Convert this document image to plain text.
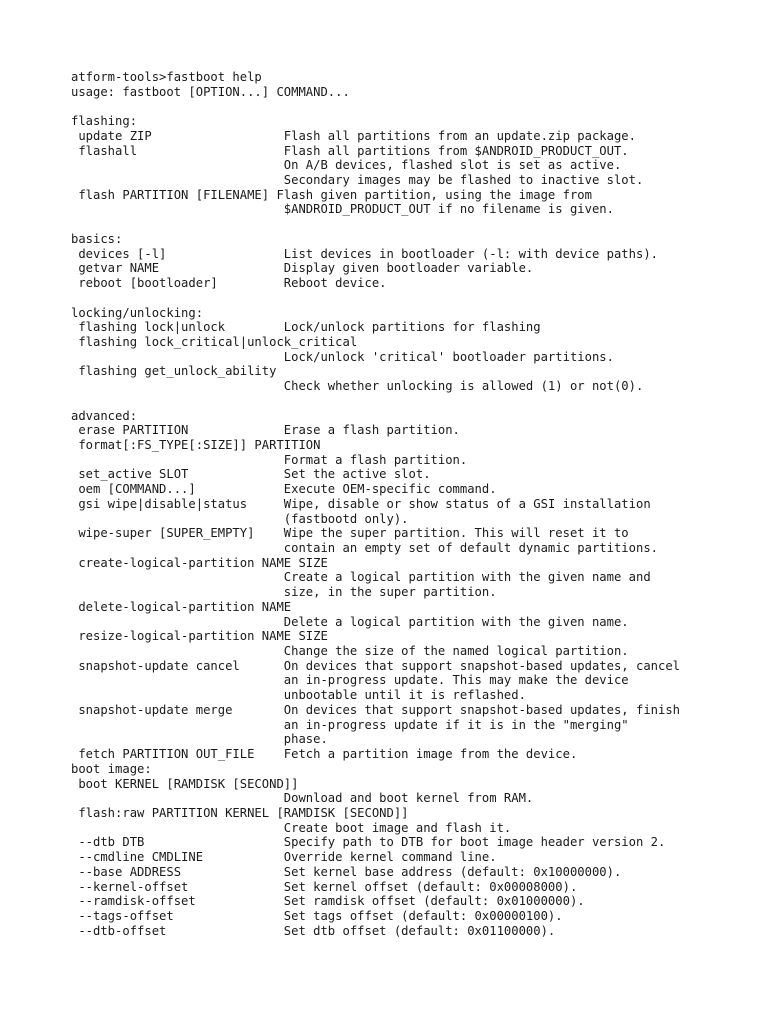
atform-tools>fastboot help
usage: fastboot [OPTION...] COMMAND...
flashing:
update ZIP                  Flash all partitions from an update.zip package.
flashall                    Flash all partitions from $ANDROID_PRODUCT_OUT.
On A/B devices, flashed slot is set as active.
Secondary images may be flashed to inactive slot.
flash PARTITION [FILENAME] Flash given partition, using the image from
$ANDROID_PRODUCT_OUT if no filename is given.
basics:
devices [-l]                List devices in bootloader (-l: with device paths).
getvar NAME                 Display given bootloader variable.
reboot [bootloader]         Reboot device.
locking/unlocking:
flashing lock|unlock        Lock/unlock partitions for flashing
flashing lock_critical|unlock_critical
Lock/unlock 'critical' bootloader partitions.
flashing get_unlock_ability
Check whether unlocking is allowed (1) or not(0).
advanced:
erase PARTITION             Erase a flash partition.
format[:FS_TYPE[:SIZE]] PARTITION
Format a flash partition.
set_active SLOT             Set the active slot.
oem [COMMAND...]            Execute OEM-specific command.
gsi wipe|disable|status     Wipe, disable or show status of a GSI installation
(fastbootd only).
wipe-super [SUPER_EMPTY]    Wipe the super partition. This will reset it to
contain an empty set of default dynamic partitions.
create-logical-partition NAME SIZE
Create a logical partition with the given name and
size, in the super partition.
delete-logical-partition NAME
Delete a logical partition with the given name.
resize-logical-partition NAME SIZE
Change the size of the named logical partition.
snapshot-update cancel      On devices that support snapshot-based updates, cancel
an in-progress update. This may make the device
unbootable until it is reflashed.
snapshot-update merge       On devices that support snapshot-based updates, finish
an in-progress update if it is in the "merging"
phase.
fetch PARTITION OUT_FILE    Fetch a partition image from the device.
boot image:
boot KERNEL [RAMDISK [SECOND]]
Download and boot kernel from RAM.
flash:raw PARTITION KERNEL [RAMDISK [SECOND]]
Create boot image and flash it.
--dtb DTB                   Specify path to DTB for boot image header version 2.
--cmdline CMDLINE           Override kernel command line.
--base ADDRESS              Set kernel base address (default: 0x10000000).
--kernel-offset             Set kernel offset (default: 0x00008000).
--ramdisk-offset            Set ramdisk offset (default: 0x01000000).
--tags-offset               Set tags offset (default: 0x00000100).
--dtb-offset                Set dtb offset (default: 0x01100000).
